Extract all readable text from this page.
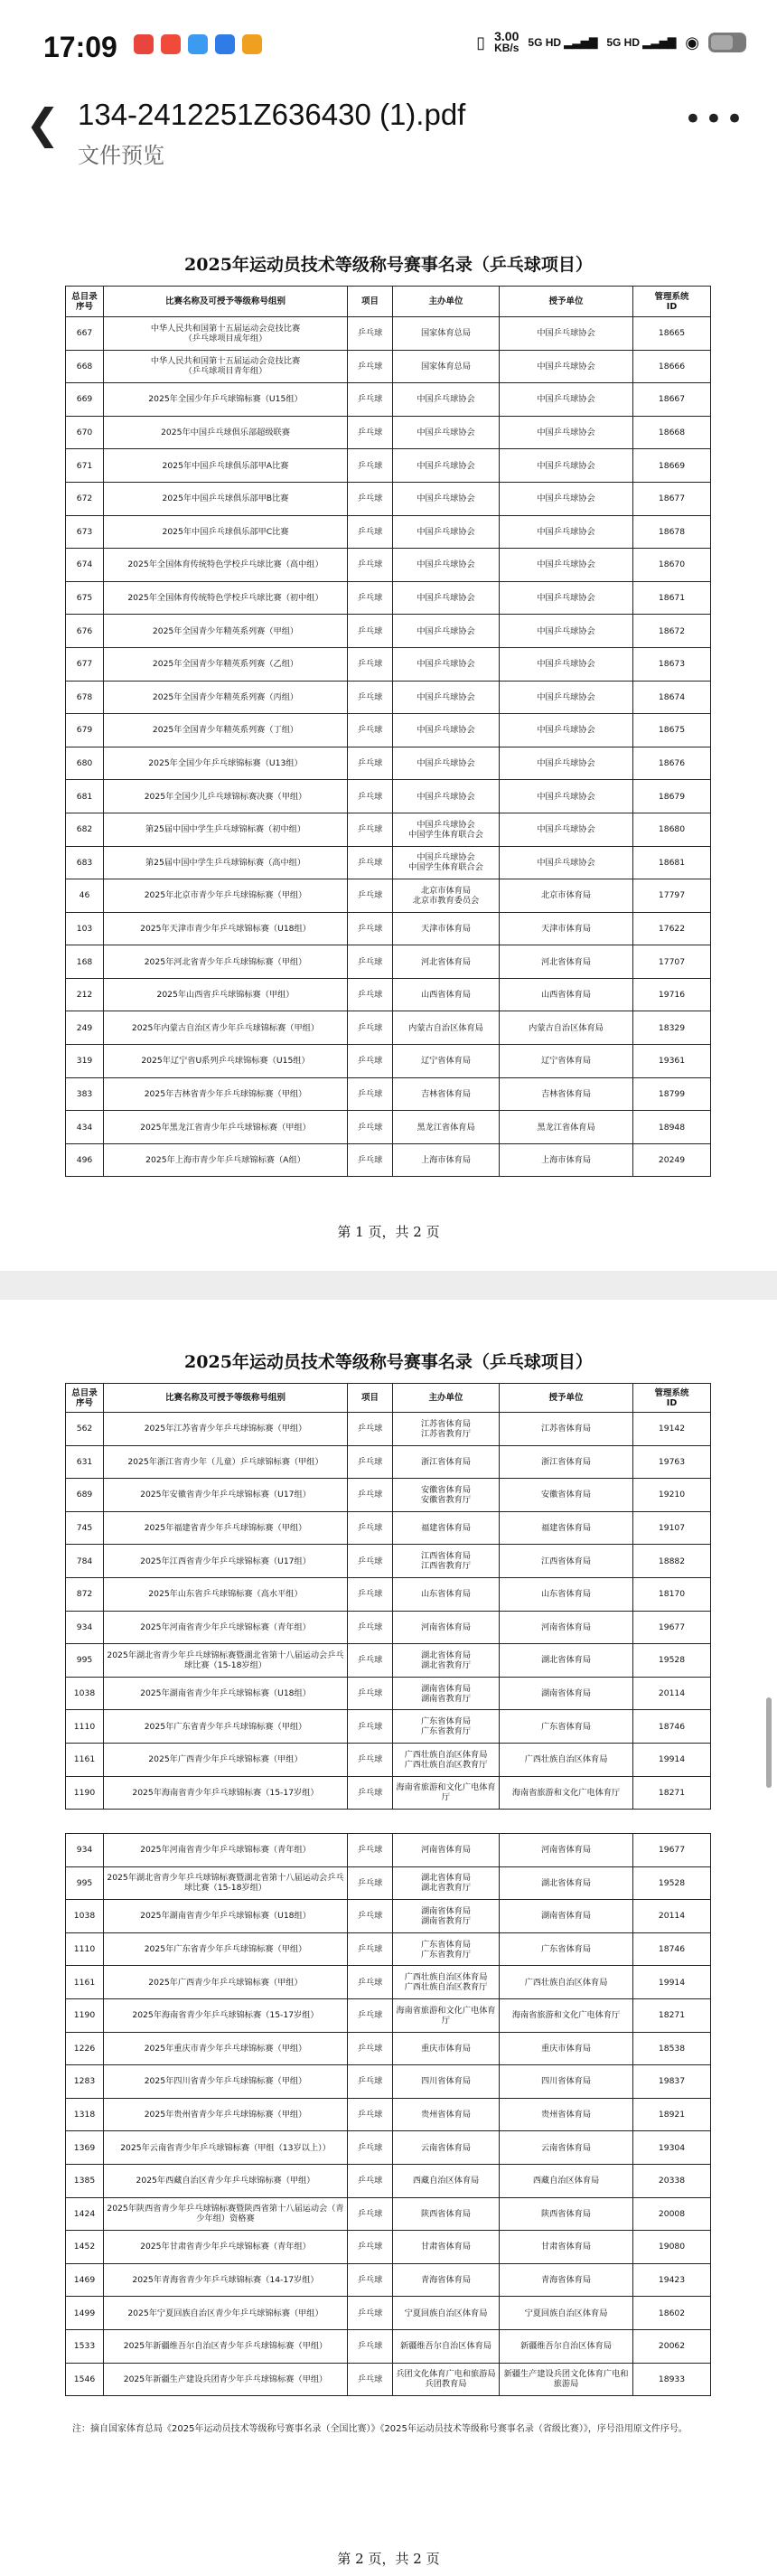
17:09	▯ 3.00
KB/s 5G HD ▂▃▅▇ 5G HD ▂▃▅▇ ◉
❮ 134-2412251Z636430 (1).pdf
文件预览
•••
2025年运动员技术等级称号赛事名录（乒乓球项目）
总目录
序号	比赛名称及可授予等级称号组别	项目	主办单位	授予单位	管理系统
ID
667	中华人民共和国第十五届运动会竞技比赛
（乒乓球项目成年组）	乒乓球	国家体育总局	中国乒乓球协会	18665
668	中华人民共和国第十五届运动会竞技比赛
（乒乓球项目青年组）	乒乓球	国家体育总局	中国乒乓球协会	18666
669	2025年全国少年乒乓球锦标赛（U15组）	乒乓球	中国乒乓球协会	中国乒乓球协会	18667
670	2025年中国乒乓球俱乐部超级联赛	乒乓球	中国乒乓球协会	中国乒乓球协会	18668
671	2025年中国乒乓球俱乐部甲A比赛	乒乓球	中国乒乓球协会	中国乒乓球协会	18669
672	2025年中国乒乓球俱乐部甲B比赛	乒乓球	中国乒乓球协会	中国乒乓球协会	18677
673	2025年中国乒乓球俱乐部甲C比赛	乒乓球	中国乒乓球协会	中国乒乓球协会	18678
674	2025年全国体育传统特色学校乒乓球比赛（高中组）	乒乓球	中国乒乓球协会	中国乒乓球协会	18670
675	2025年全国体育传统特色学校乒乓球比赛（初中组）	乒乓球	中国乒乓球协会	中国乒乓球协会	18671
676	2025年全国青少年精英系列赛（甲组）	乒乓球	中国乒乓球协会	中国乒乓球协会	18672
677	2025年全国青少年精英系列赛（乙组）	乒乓球	中国乒乓球协会	中国乒乓球协会	18673
678	2025年全国青少年精英系列赛（丙组）	乒乓球	中国乒乓球协会	中国乒乓球协会	18674
679	2025年全国青少年精英系列赛（丁组）	乒乓球	中国乒乓球协会	中国乒乓球协会	18675
680	2025年全国少年乒乓球锦标赛（U13组）	乒乓球	中国乒乓球协会	中国乒乓球协会	18676
681	2025年全国少儿乒乓球锦标赛决赛（甲组）	乒乓球	中国乒乓球协会	中国乒乓球协会	18679
682	第25届中国中学生乒乓球锦标赛（初中组）	乒乓球	中国乒乓球协会
中国学生体育联合会	中国乒乓球协会	18680
683	第25届中国中学生乒乓球锦标赛（高中组）	乒乓球	中国乒乓球协会
中国学生体育联合会	中国乒乓球协会	18681
46	2025年北京市青少年乒乓球锦标赛（甲组）	乒乓球	北京市体育局
北京市教育委员会	北京市体育局	17797
103	2025年天津市青少年乒乓球锦标赛（U18组）	乒乓球	天津市体育局	天津市体育局	17622
168	2025年河北省青少年乒乓球锦标赛（甲组）	乒乓球	河北省体育局	河北省体育局	17707
212	2025年山西省乒乓球锦标赛（甲组）	乒乓球	山西省体育局	山西省体育局	19716
249	2025年内蒙古自治区青少年乒乓球锦标赛（甲组）	乒乓球	内蒙古自治区体育局	内蒙古自治区体育局	18329
319	2025年辽宁省U系列乒乓球锦标赛（U15组）	乒乓球	辽宁省体育局	辽宁省体育局	19361
383	2025年吉林省青少年乒乓球锦标赛（甲组）	乒乓球	吉林省体育局	吉林省体育局	18799
434	2025年黑龙江省青少年乒乓球锦标赛（甲组）	乒乓球	黑龙江省体育局	黑龙江省体育局	18948
496	2025年上海市青少年乒乓球锦标赛（A组）	乒乓球	上海市体育局	上海市体育局	20249
第 1 页，共 2 页
2025年运动员技术等级称号赛事名录（乒乓球项目）
总目录
序号	比赛名称及可授予等级称号组别	项目	主办单位	授予单位	管理系统
ID
562	2025年江苏省青少年乒乓球锦标赛（甲组）	乒乓球	江苏省体育局
江苏省教育厅	江苏省体育局	19142
631	2025年浙江省青少年（儿童）乒乓球锦标赛（甲组）	乒乓球	浙江省体育局	浙江省体育局	19763
689	2025年安徽省青少年乒乓球锦标赛（U17组）	乒乓球	安徽省体育局
安徽省教育厅	安徽省体育局	19210
745	2025年福建省青少年乒乓球锦标赛（甲组）	乒乓球	福建省体育局	福建省体育局	19107
784	2025年江西省青少年乒乓球锦标赛（U17组）	乒乓球	江西省体育局
江西省教育厅	江西省体育局	18882
872	2025年山东省乒乓球锦标赛（高水平组）	乒乓球	山东省体育局	山东省体育局	18170
934	2025年河南省青少年乒乓球锦标赛（青年组）	乒乓球	河南省体育局	河南省体育局	19677
995	2025年湖北省青少年乒乓球锦标赛暨湖北省第十八届运动会乒乓球比赛（15-18岁组）	乒乓球	湖北省体育局
湖北省教育厅	湖北省体育局	19528
1038	2025年湖南省青少年乒乓球锦标赛（U18组）	乒乓球	湖南省体育局
湖南省教育厅	湖南省体育局	20114
1110	2025年广东省青少年乒乓球锦标赛（甲组）	乒乓球	广东省体育局
广东省教育厅	广东省体育局	18746
1161	2025年广西青少年乒乓球锦标赛（甲组）	乒乓球	广西壮族自治区体育局
广西壮族自治区教育厅	广西壮族自治区体育局	19914
1190	2025年海南省青少年乒乓球锦标赛（15-17岁组）	乒乓球	海南省旅游和文化广电体育厅	海南省旅游和文化广电体育厅	18271
934	2025年河南省青少年乒乓球锦标赛（青年组）	乒乓球	河南省体育局	河南省体育局	19677
995	2025年湖北省青少年乒乓球锦标赛暨湖北省第十八届运动会乒乓球比赛（15-18岁组）	乒乓球	湖北省体育局
湖北省教育厅	湖北省体育局	19528
1038	2025年湖南省青少年乒乓球锦标赛（U18组）	乒乓球	湖南省体育局
湖南省教育厅	湖南省体育局	20114
1110	2025年广东省青少年乒乓球锦标赛（甲组）	乒乓球	广东省体育局
广东省教育厅	广东省体育局	18746
1161	2025年广西青少年乒乓球锦标赛（甲组）	乒乓球	广西壮族自治区体育局
广西壮族自治区教育厅	广西壮族自治区体育局	19914
1190	2025年海南省青少年乒乓球锦标赛（15-17岁组）	乒乓球	海南省旅游和文化广电体育厅	海南省旅游和文化广电体育厅	18271
1226	2025年重庆市青少年乒乓球锦标赛（甲组）	乒乓球	重庆市体育局	重庆市体育局	18538
1283	2025年四川省青少年乒乓球锦标赛（甲组）	乒乓球	四川省体育局	四川省体育局	19837
1318	2025年贵州省青少年乒乓球锦标赛（甲组）	乒乓球	贵州省体育局	贵州省体育局	18921
1369	2025年云南省青少年乒乓球锦标赛（甲组（13岁以上））	乒乓球	云南省体育局	云南省体育局	19304
1385	2025年西藏自治区青少年乒乓球锦标赛（甲组）	乒乓球	西藏自治区体育局	西藏自治区体育局	20338
1424	2025年陕西省青少年乒乓球锦标赛暨陕西省第十八届运动会（青少年组）资格赛	乒乓球	陕西省体育局	陕西省体育局	20008
1452	2025年甘肃省青少年乒乓球锦标赛（青年组）	乒乓球	甘肃省体育局	甘肃省体育局	19080
1469	2025年青海省青少年乒乓球锦标赛（14-17岁组）	乒乓球	青海省体育局	青海省体育局	19423
1499	2025年宁夏回族自治区青少年乒乓球锦标赛（甲组）	乒乓球	宁夏回族自治区体育局	宁夏回族自治区体育局	18602
1533	2025年新疆维吾尔自治区青少年乒乓球锦标赛（甲组）	乒乓球	新疆维吾尔自治区体育局	新疆维吾尔自治区体育局	20062
1546	2025年新疆生产建设兵团青少年乒乓球锦标赛（甲组）	乒乓球	兵团文化体育广电和旅游局
兵团教育局	新疆生产建设兵团文化体育广电和旅游局	18933
注：摘自国家体育总局《2025年运动员技术等级称号赛事名录（全国比赛）》《2025年运动员技术等级称号赛事名录（省级比赛）》，序号沿用原文件序号。
第 2 页，共 2 页
